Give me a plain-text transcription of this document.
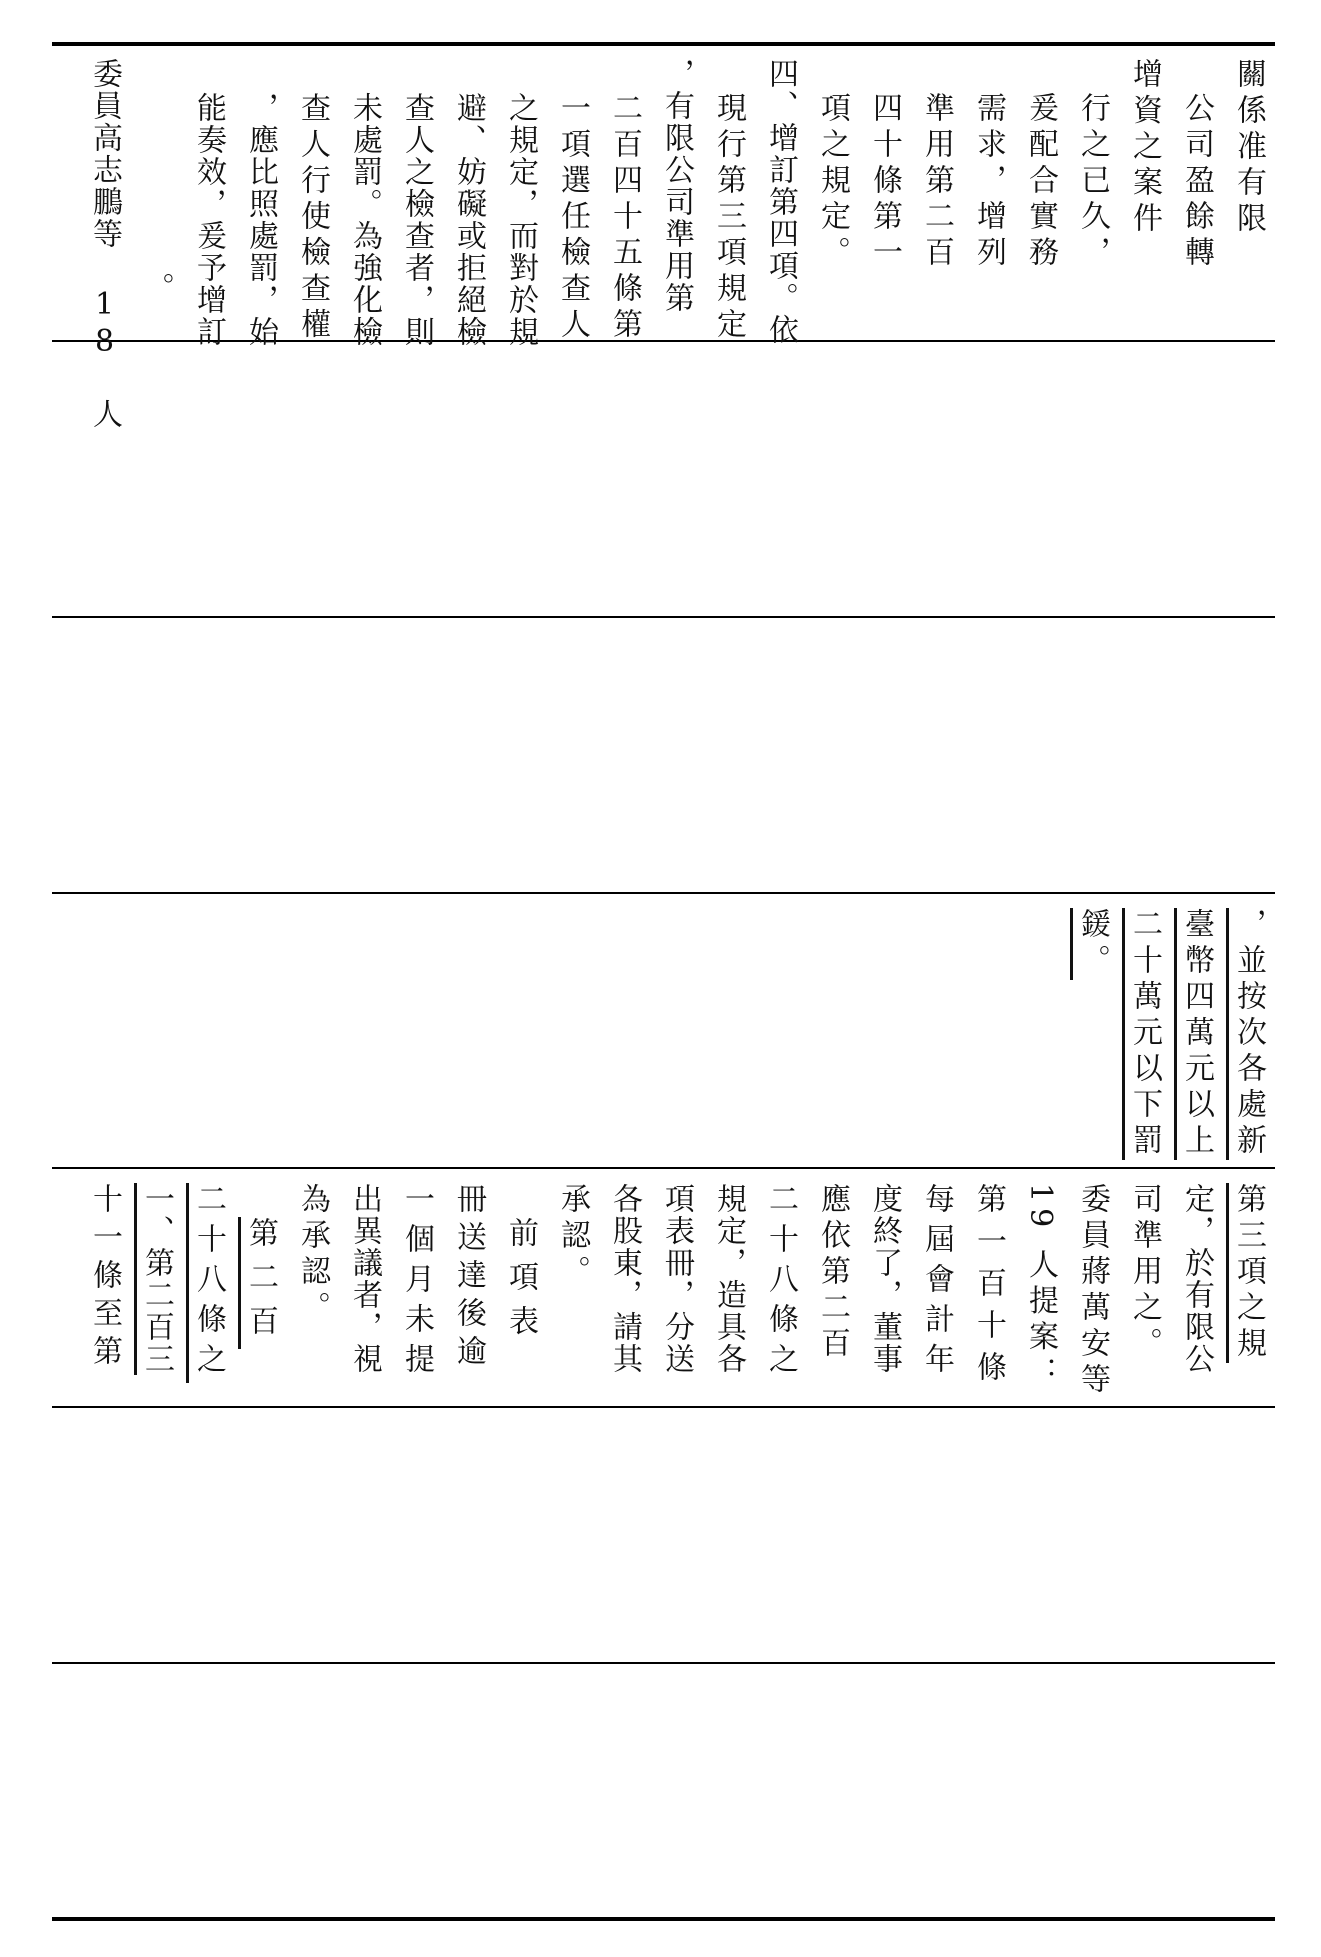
關係准有限
公司盈餘轉
增資之案件
行之已久，
爰配合實務
需求，增列
準用第二百
四十條第一
項之規定。
四、增訂第四項。依
現行第三項規定
，有限公司準用第
二百四十五條第
一項選任檢查人
之規定，而對於規
避、妨礙或拒絕檢
查人之檢查者，則
未處罰。為強化檢
查人行使檢查權
，應比照處罰，始
能奏效，爰予增訂
。
委員高志鵬等 18 人
，並按次各處新
臺幣四萬元以上
二十萬元以下罰
鍰。
第三項之規
定，於有限公
司準用之。
委員蔣萬安等
19 人提案：
第一百十條
每屆會計年
度終了，董事
應依第二百
二十八條之
規定，造具各
項表冊，分送
各股東，請其
承認。
前項表
冊送達後逾
一個月未提
出異議者，視
為承認。
第二百
二十八條之
一、第二百三
十一條至第
